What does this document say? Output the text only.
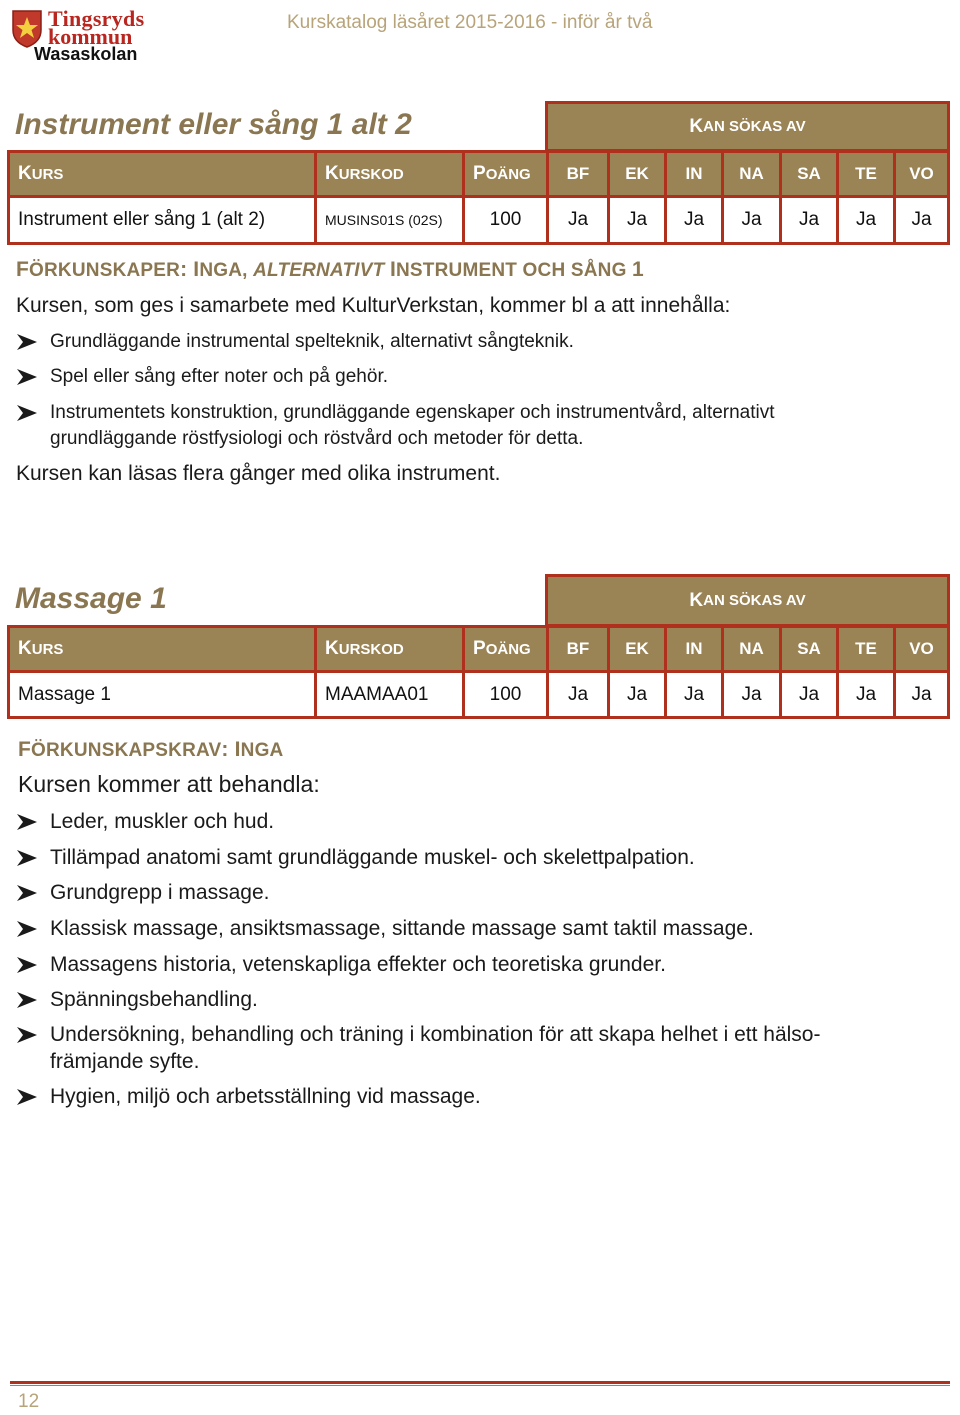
Tingsryds
kommun
Wasaskolan
Kurskatalog läsåret 2015-2016 - inför år två
Instrument eller sång 1 alt 2	K AN SÖKAS AV
K URS	K URSKOD	P OÄNG	BF	EK	IN	NA	SA	TE	VO
Instrument eller sång 1 (alt 2)	MUSINS01S (02S)	100	Ja	Ja	Ja	Ja	Ja	Ja	Ja
FÖRKUNSKAPER: INGA, ALTERNATIVT INSTRUMENT OCH SÅNG 1
Kursen, som ges i samarbete med KulturVerkstan, kommer bl a att innehålla:
Grundläggande instrumental spelteknik, alternativt sångteknik.
Spel eller sång efter noter och på gehör.
Instrumentets konstruktion, grundläggande egenskaper och instrumentvård, alternativt
grundläggande röstfysiologi och röstvård och metoder för detta.
Kursen kan läsas flera gånger med olika instrument.
Massage 1	K AN SÖKAS AV
K URS	K URSKOD	P OÄNG	BF	EK	IN	NA	SA	TE	VO
Massage 1	MAAMAA01	100	Ja	Ja	Ja	Ja	Ja	Ja	Ja
FÖRKUNSKAPSKRAV: INGA
Kursen kommer att behandla:
Leder, muskler och hud.
Tillämpad anatomi samt grundläggande muskel- och skelettpalpation.
Grundgrepp i massage.
Klassisk massage, ansiktsmassage, sittande massage samt taktil massage.
Massagens historia, vetenskapliga effekter och teoretiska grunder.
Spänningsbehandling.
Undersökning, behandling och träning i kombination för att skapa helhet i ett hälso-
främjande syfte.
Hygien, miljö och arbetsställning vid massage.
12
